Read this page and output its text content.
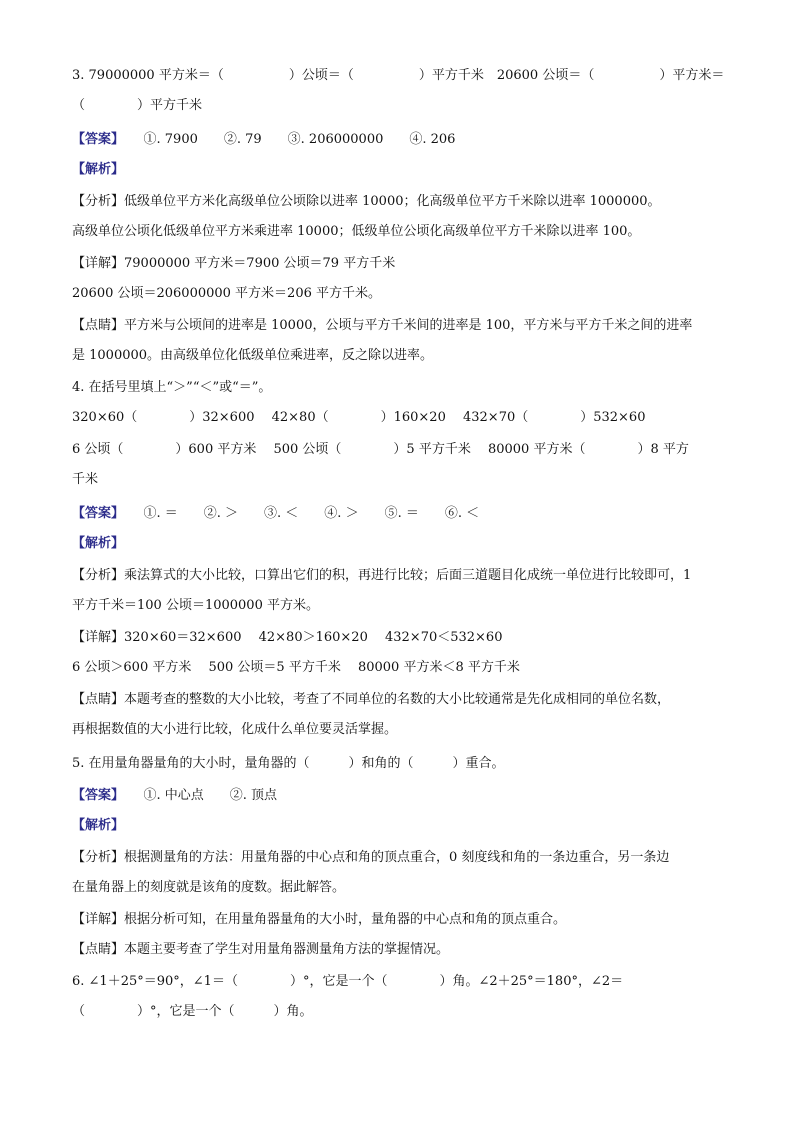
3. 79000000 平方米＝（　　　　　）公顷＝（　　　　　）平方千米　20600 公顷＝（　　　　　）平方米＝
（　　　　）平方千米
【答案】　　①. 7900　　②. 79　　③. 206000000　　④. 206
【解析】
【分析】低级单位平方米化高级单位公顷除以进率 10000；化高级单位平方千米除以进率 1000000。
高级单位公顷化低级单位平方米乘进率 10000；低级单位公顷化高级单位平方千米除以进率 100。
【详解】79000000 平方米＝7900 公顷＝79 平方千米
20600 公顷＝206000000 平方米＝206 平方千米。
【点睛】平方米与公顷间的进率是 10000，公顷与平方千米间的进率是 100，平方米与平方千米之间的进率
是 1000000。由高级单位化低级单位乘进率，反之除以进率。
4. 在括号里填上“＞”“＜”或“＝”。
320×60（　　　　）32×600　 42×80（　　　　）160×20　 432×70（　　　　）532×60
6 公顷（　　　　）600 平方米　 500 公顷（　　　　）5 平方千米　 80000 平方米（　　　　）8 平方
千米
【答案】　　①. ＝　　②. ＞　　③. ＜　　④. ＞　　⑤. ＝　　⑥. ＜
【解析】
【分析】乘法算式的大小比较，口算出它们的积，再进行比较；后面三道题目化成统一单位进行比较即可，1
平方千米＝100 公顷＝1000000 平方米。
【详解】320×60＝32×600　 42×80＞160×20　 432×70＜532×60
6 公顷＞600 平方米　 500 公顷＝5 平方千米　 80000 平方米＜8 平方千米
【点睛】本题考查的整数的大小比较，考查了不同单位的名数的大小比较通常是先化成相同的单位名数，
再根据数值的大小进行比较，化成什么单位要灵活掌握。
5. 在用量角器量角的大小时，量角器的（　　　）和角的（　　　）重合。
【答案】　　①. 中心点　　②. 顶点
【解析】
【分析】根据测量角的方法：用量角器的中心点和角的顶点重合，0 刻度线和角的一条边重合，另一条边
在量角器上的刻度就是该角的度数。据此解答。
【详解】根据分析可知，在用量角器量角的大小时，量角器的中心点和角的顶点重合。
【点睛】本题主要考查了学生对用量角器测量角方法的掌握情况。
6. ∠1＋25°＝90°，∠1＝（　　　　）°，它是一个（　　　　）角。∠2＋25°＝180°，∠2＝
（　　　　）°，它是一个（　　　）角。
